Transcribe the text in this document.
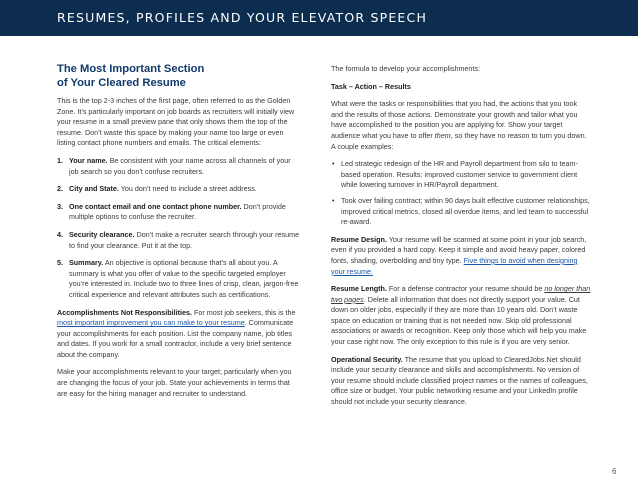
RESUMES, PROFILES AND YOUR ELEVATOR SPEECH
The Most Important Section
of Your Cleared Resume

This is the top 2-3 inches of the first page, often referred to as the Golden Zone. It’s particularly important on job boards as recruiters will initially view your resume in a small preview pane that only shows them the top of the resume. Don’t waste this space by making your name too large or even listing contact phone numbers and emails. The critical elements:

1. Your name. Be consistent with your name across all channels of your job search so you don’t confuse recruiters.
2. City and State. You don’t need to include a street address.
3. One contact email and one contact phone number. Don’t provide multiple options to confuse the recruiter.
4. Security clearance. Don’t make a recruiter search through your resume to find your clearance. Put it at the top.
5. Summary. An objective is optional because that’s all about you. A summary is what you offer of value to the specific targeted employer you’re interested in. Include two to three lines of crisp, clean, jargon-free critical experience and relevant attributes such as certifications.

Accomplishments Not Responsibilities. For most job seekers, this is the most important improvement you can make to your resume. Communicate your accomplishments for each position. List the company name, job titles and dates. If you work for a small contractor, include a very brief sentence about the company.

Make your accomplishments relevant to your target; particularly when you are changing the focus of your job. State your achievements in terms that are easy for the hiring manager and recruiter to understand.

The formula to develop your accomplishments:

Task – Action – Results

What were the tasks or responsibilities that you had, the actions that you took and the results of those actions. Demonstrate your growth and tailor what you have accomplished to the position you are applying for. Show your target audience what you have to offer them, so they have no reason to turn you down. A couple examples:

• Led strategic redesign of the HR and Payroll department from silo to team-based operation. Results: improved customer service to government client while lowering turnover in HR/Payroll department.
• Took over failing contract; within 90 days built effective customer relationships, improved critical metrics, closed all overdue items, and led team to successful re-award.

Resume Design. Your resume will be scanned at some point in your job search, even if you provided a hard copy. Keep it simple and avoid heavy paper, colored fonts, shading, overbolding and tiny type. Five things to avoid when designing your resume.

Resume Length. For a defense contractor your resume should be no longer than two pages. Delete all information that does not directly support your value. Cut down on older jobs, especially if they are more than 10 years old. Don’t waste space on education or training that is not needed now. Skip old professional associations or awards or recognition. Keep only those which will help you make your case right now. The only exception to this rule is if you are very senior.

Operational Security. The resume that you upload to ClearedJobs.Net should include your security clearance and skills and accomplishments. No version of your resume should include classified project names or the names of colleagues, office size or budget. Your public networking resume and your LinkedIn profile should not include your security clearance.

6
